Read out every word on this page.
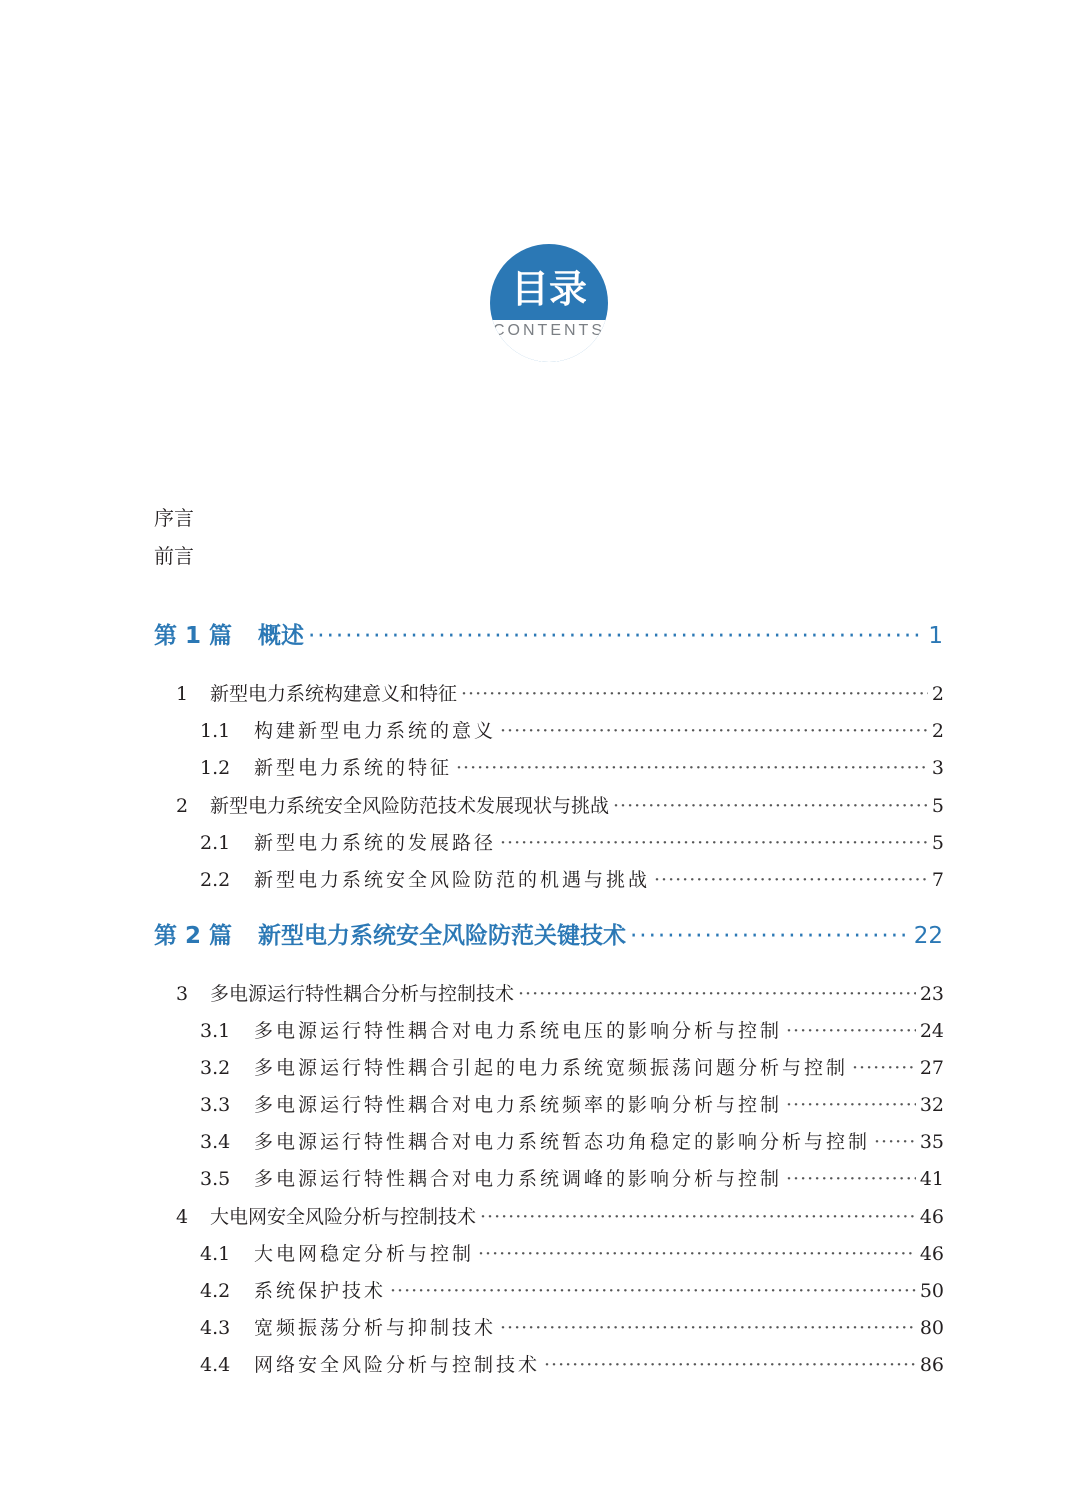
目录
CONTENTS
序言
前言
第 1 篇	概述 ·····	1
1	新型电力系统构建意义和特征 ·····	2
1.1	构建新型电力系统的意义 ·····	2
1.2	新型电力系统的特征 ·····	3
2	新型电力系统安全风险防范技术发展现状与挑战 ·····	5
2.1	新型电力系统的发展路径 ·····	5
2.2	新型电力系统安全风险防范的机遇与挑战 ·····	7
第 2 篇	新型电力系统安全风险防范关键技术 ·····	22
3	多电源运行特性耦合分析与控制技术 ·····	23
3.1	多电源运行特性耦合对电力系统电压的影响分析与控制 ·····	24
3.2	多电源运行特性耦合引起的电力系统宽频振荡问题分析与控制 ·····	27
3.3	多电源运行特性耦合对电力系统频率的影响分析与控制 ·····	32
3.4	多电源运行特性耦合对电力系统暂态功角稳定的影响分析与控制 ·····	35
3.5	多电源运行特性耦合对电力系统调峰的影响分析与控制 ·····	41
4	大电网安全风险分析与控制技术 ·····	46
4.1	大电网稳定分析与控制 ·····	46
4.2	系统保护技术 ·····	50
4.3	宽频振荡分析与抑制技术 ·····	80
4.4	网络安全风险分析与控制技术 ·····	86
